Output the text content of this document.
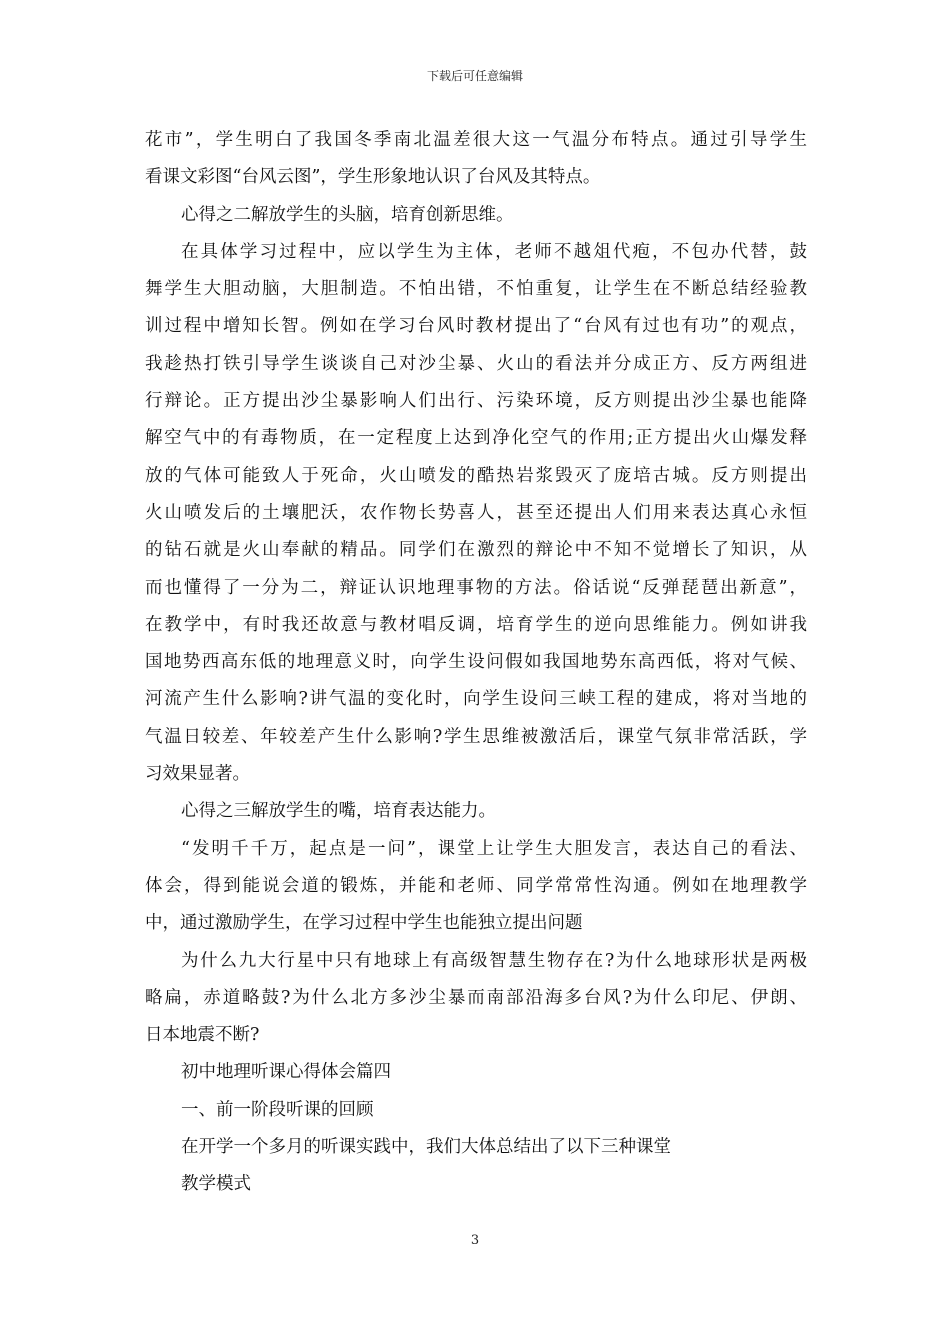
下载后可任意编辑
花市”，学生明白了我国冬季南北温差很大这一气温分布特点。通过引导学生
看课文彩图“台风云图”，学生形象地认识了台风及其特点。
心得之二解放学生的头脑，培育创新思维。
在具体学习过程中，应以学生为主体，老师不越俎代疱，不包办代替，鼓
舞学生大胆动脑，大胆制造。不怕出错，不怕重复，让学生在不断总结经验教
训过程中增知长智。例如在学习台风时教材提出了“台风有过也有功”的观点，
我趁热打铁引导学生谈谈自己对沙尘暴、火山的看法并分成正方、反方两组进
行辩论。正方提出沙尘暴影响人们出行、污染环境，反方则提出沙尘暴也能降
解空气中的有毒物质，在一定程度上达到净化空气的作用;正方提出火山爆发释
放的气体可能致人于死命，火山喷发的酷热岩浆毁灭了庞培古城。反方则提出
火山喷发后的土壤肥沃，农作物长势喜人，甚至还提出人们用来表达真心永恒
的钻石就是火山奉献的精品。同学们在激烈的辩论中不知不觉增长了知识，从
而也懂得了一分为二，辩证认识地理事物的方法。俗话说“反弹琵琶出新意”，
在教学中，有时我还故意与教材唱反调，培育学生的逆向思维能力。例如讲我
国地势西高东低的地理意义时，向学生设问假如我国地势东高西低，将对气候、
河流产生什么影响?讲气温的变化时，向学生设问三峡工程的建成，将对当地的
气温日较差、年较差产生什么影响?学生思维被激活后，课堂气氛非常活跃，学
习效果显著。
心得之三解放学生的嘴，培育表达能力。
“发明千千万，起点是一问”，课堂上让学生大胆发言，表达自己的看法、
体会，得到能说会道的锻炼，并能和老师、同学常常性沟通。例如在地理教学
中，通过激励学生，在学习过程中学生也能独立提出问题
为什么九大行星中只有地球上有高级智慧生物存在?为什么地球形状是两极
略扁，赤道略鼓?为什么北方多沙尘暴而南部沿海多台风?为什么印尼、伊朗、
日本地震不断?
初中地理听课心得体会篇四
一、前一阶段听课的回顾
在开学一个多月的听课实践中，我们大体总结出了以下三种课堂
教学模式
3
